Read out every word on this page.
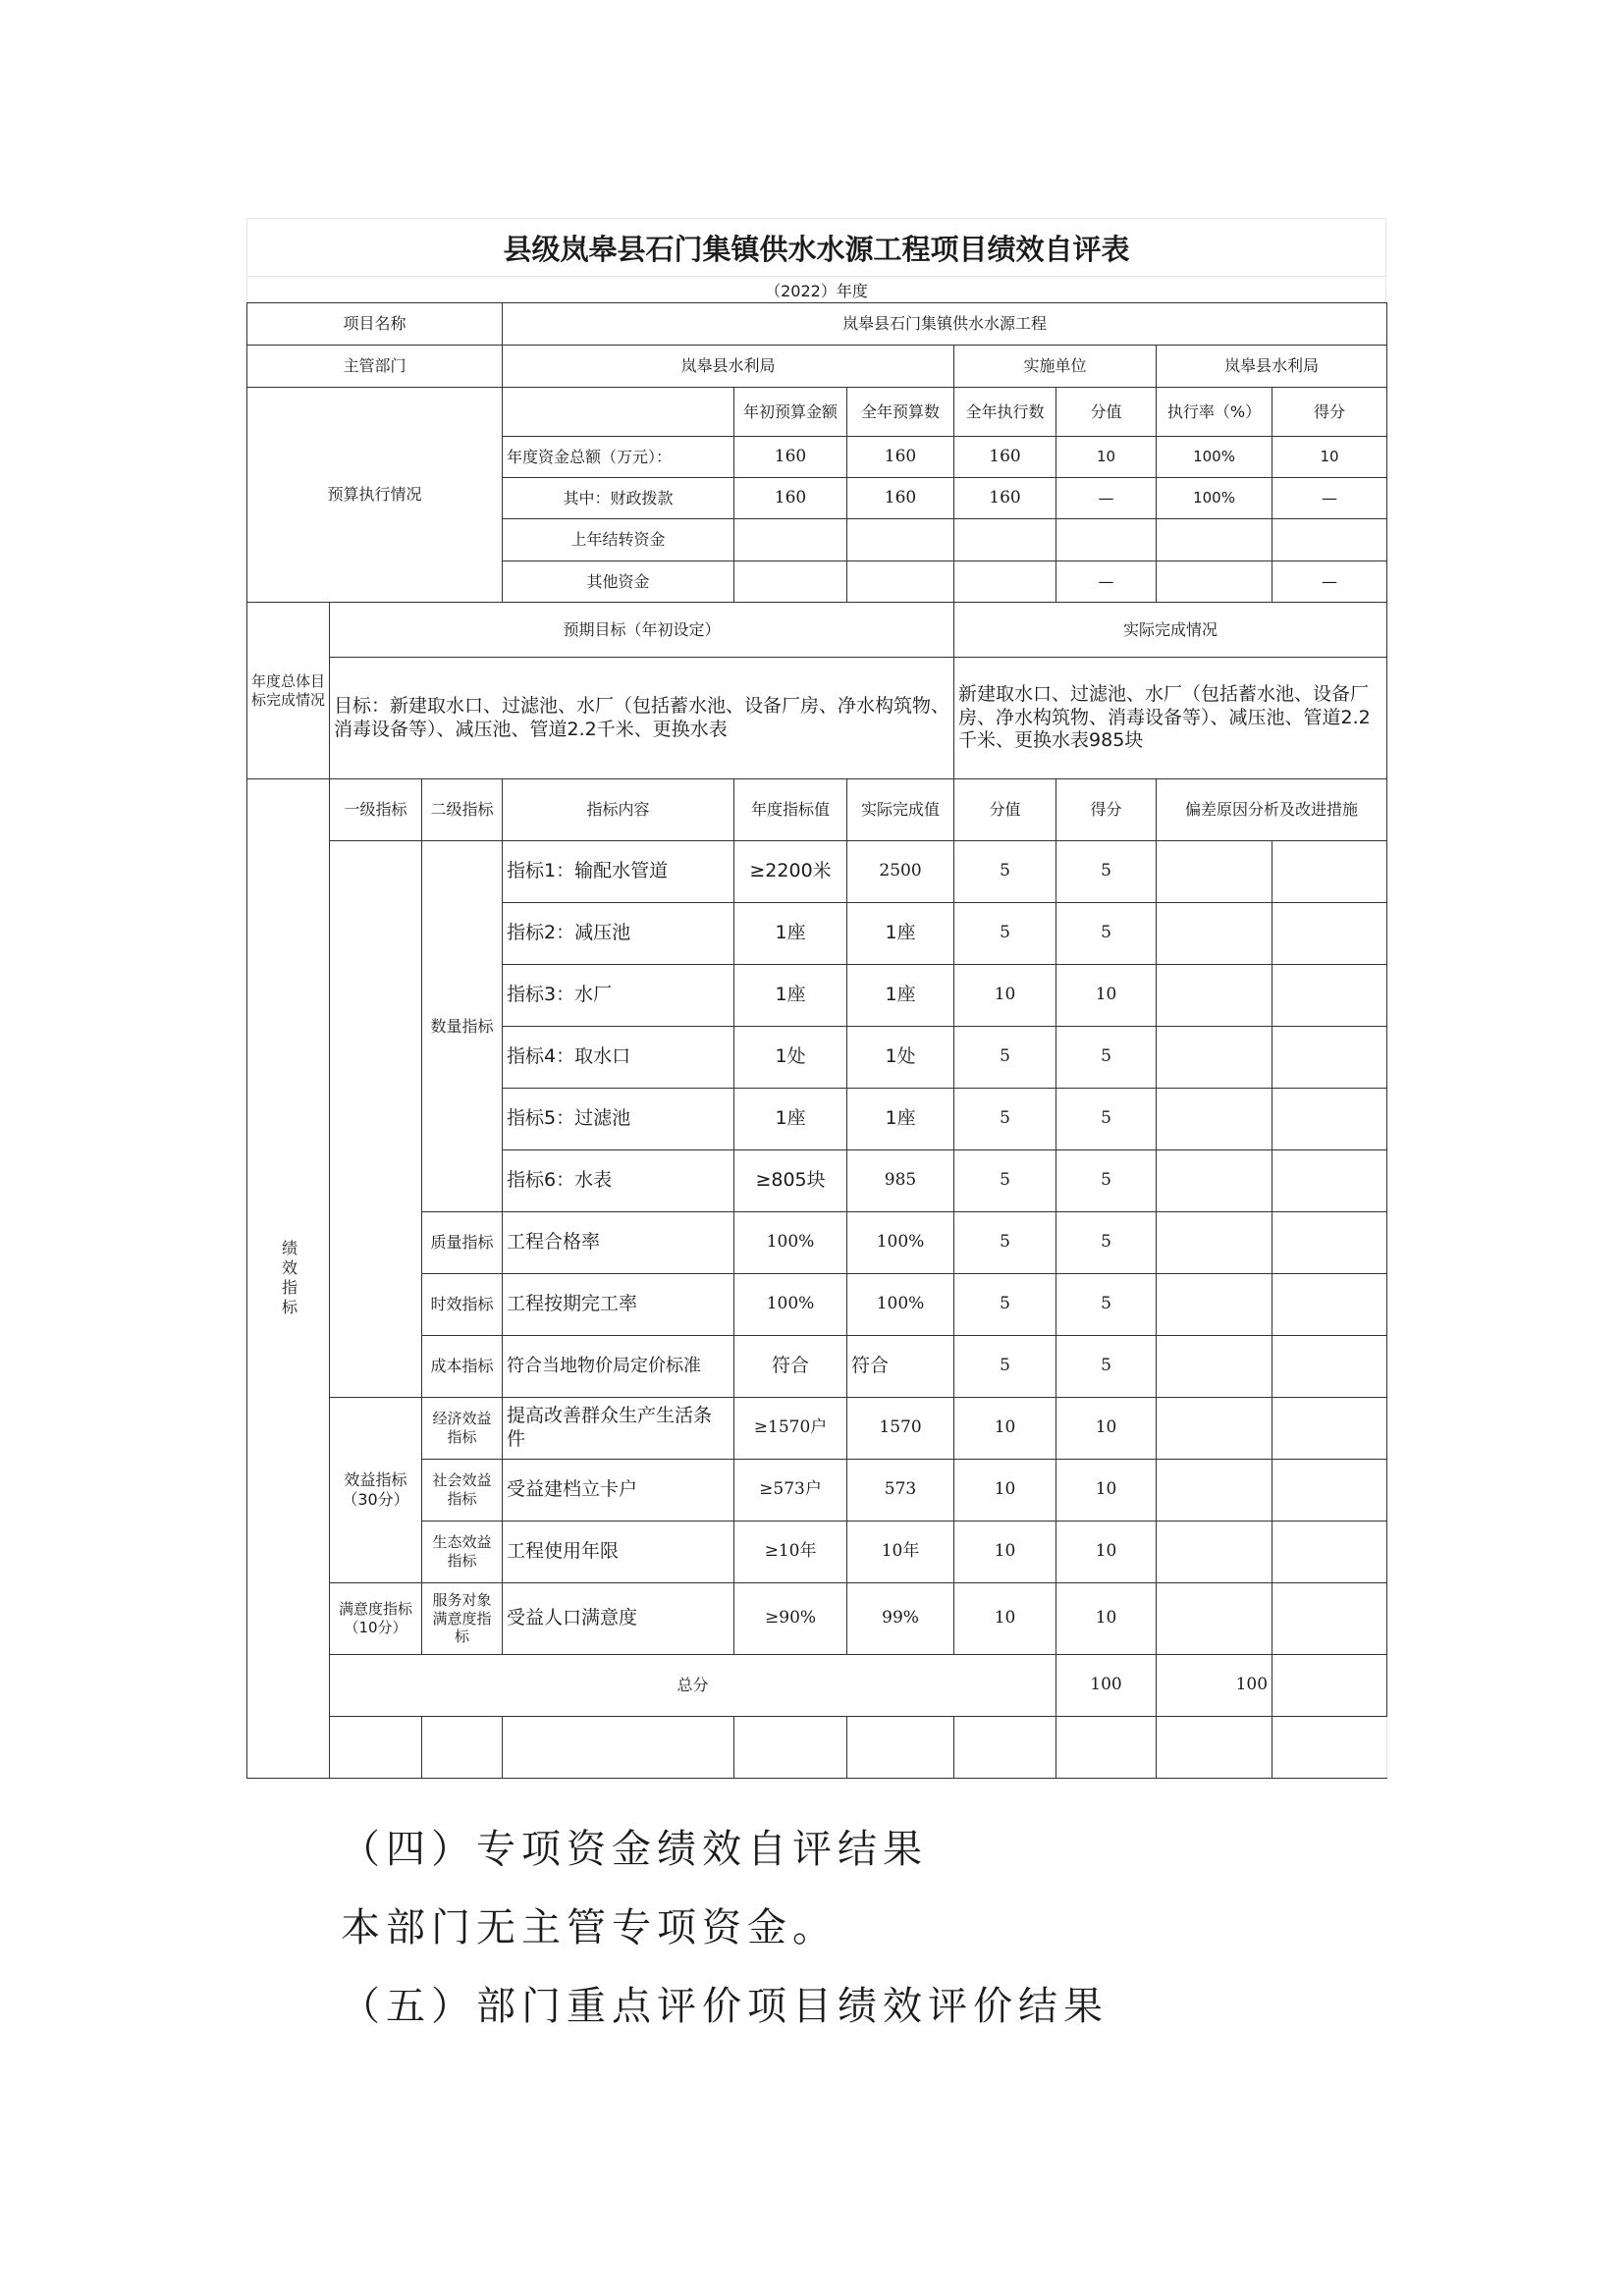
县级岚皋县石门集镇供水水源工程项目绩效自评表
（2022）年度
项目名称			岚皋县石门集镇供水水源工程							
主管部门			岚皋县水利局			实施单位		岚皋县水利局		
预算执行情况				年初预算金额	全年预算数	全年执行数	分值	执行率（%）	得分	
			年度资金总额（万元）：	160	160	160	10	100%	10	
			其中：财政拨款	160	160	160	—	100%	—	
			上年结转资金							
			其他资金				—		—	
年度总体目标完成情况	预期目标（年初设定）					实际完成情况				
	目标：新建取水口、过滤池、水厂（包括蓄水池、设备厂房、净水构筑物、消毒设备等）、减压池、管道2.2千米、更换水表					新建取水口、过滤池、水厂（包括蓄水池、设备厂房、净水构筑物、消毒设备等）、减压池、管道2.2千米、更换水表985块				
绩效指标	一级指标	二级指标	指标内容	年度指标值	实际完成值	分值	得分	偏差原因分析及改进措施		
		数量指标	指标1：输配水管道	≥2200米	2500	5	5			
			指标2：减压池	1座	1座	5	5			
			指标3：水厂	1座	1座	10	10			
			指标4：取水口	1处	1处	5	5			
			指标5：过滤池	1座	1座	5	5			
			指标6：水表	≥805块	985	5	5			
		质量指标	工程合格率	100%	100%	5	5			
		时效指标	工程按期完工率	100%	100%	5	5			
		成本指标	符合当地物价局定价标准	符合	符合	5	5			
	效益指标（30分）	经济效益指标	提高改善群众生产生活条件	≥1570户	1570	10	10			
		社会效益指标	受益建档立卡户	≥573户	573	10	10			
		生态效益指标	工程使用年限	≥10年	10年	10	10			
	满意度指标（10分）	服务对象满意度指标	受益人口满意度	≥90%	99%	10	10			
	总分						100	100		

（四）专项资金绩效自评结果
本部门无主管专项资金。
（五）部门重点评价项目绩效评价结果
